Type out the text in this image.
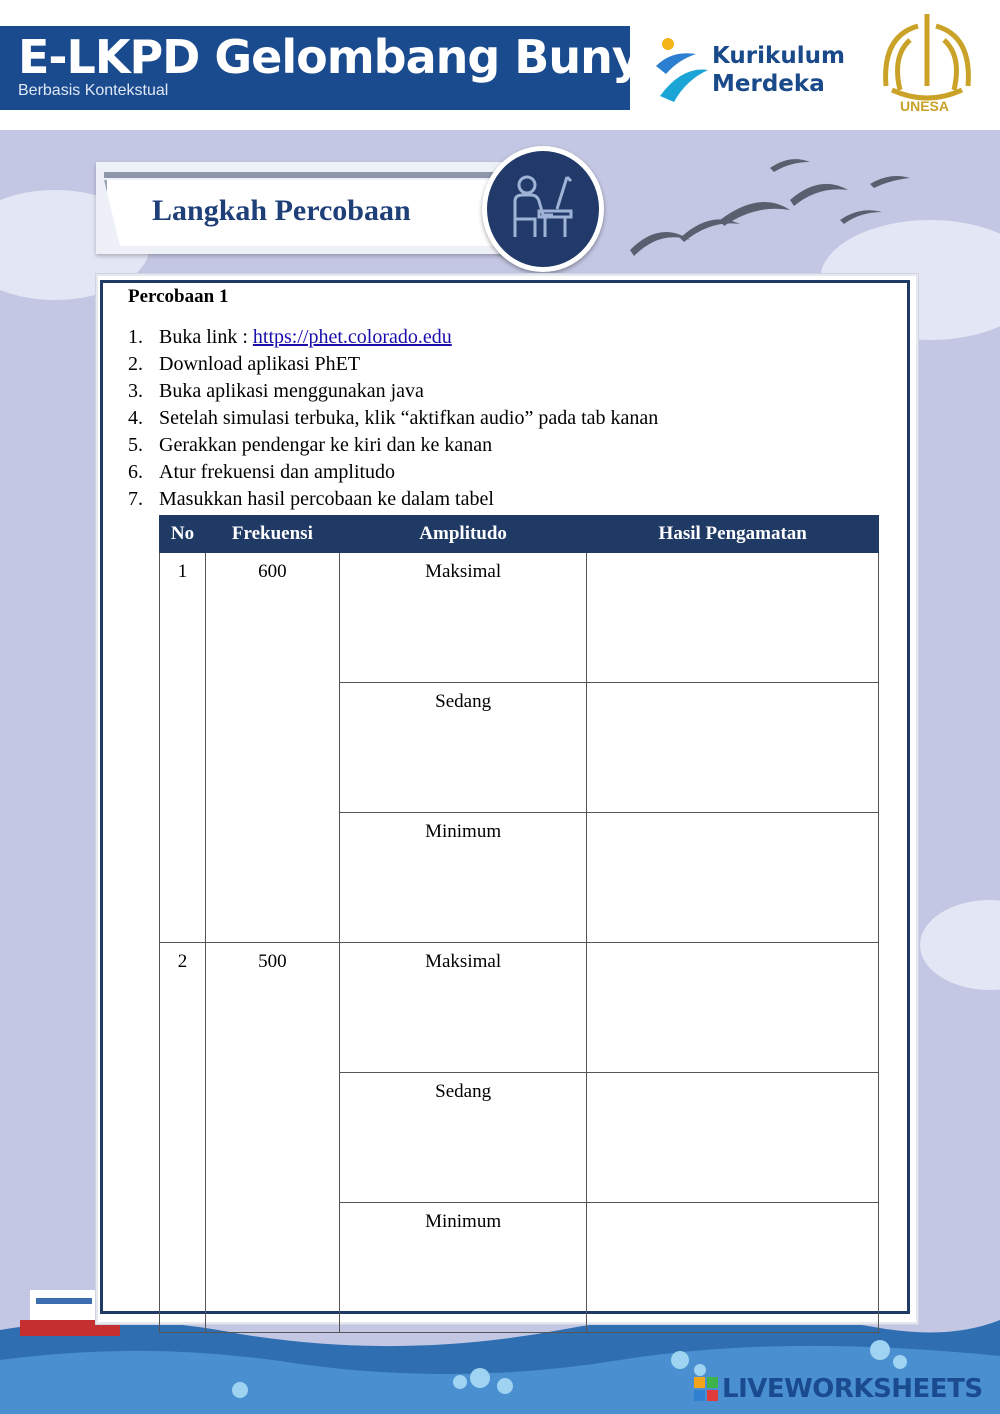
E-LKPD Gelombang Bunyi
Berbasis Kontekstual
Kurikulum
Merdeka
UNESA
Langkah Percobaan
Percobaan 1
1. Buka link : https://phet.colorado.edu
2. Download aplikasi PhET
3. Buka aplikasi menggunakan java
4. Setelah simulasi terbuka, klik “aktifkan audio” pada tab kanan
5. Gerakkan pendengar ke kiri dan ke kanan
6. Atur frekuensi dan amplitudo
7. Masukkan hasil percobaan ke dalam tabel
No	Frekuensi	Amplitudo	Hasil Pengamatan
1	600	Maksimal	
		Sedang	
		Minimum	
2	500	Maksimal	
		Sedang	
		Minimum	
LIVEWORKSHEETS
